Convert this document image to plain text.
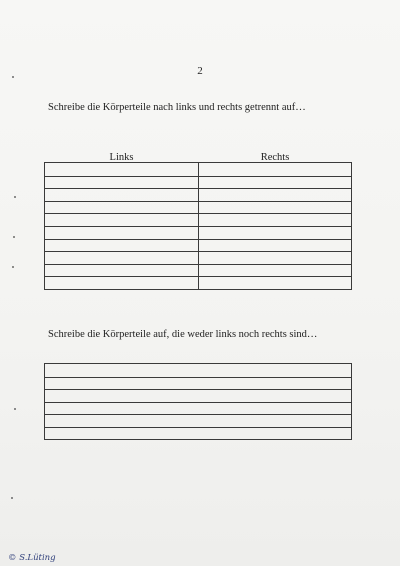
2
Schreibe die Körperteile nach links und rechts getrennt auf…
Links	Rechts
Schreibe die Körperteile auf, die weder links noch rechts sind…
© S.Lüting
